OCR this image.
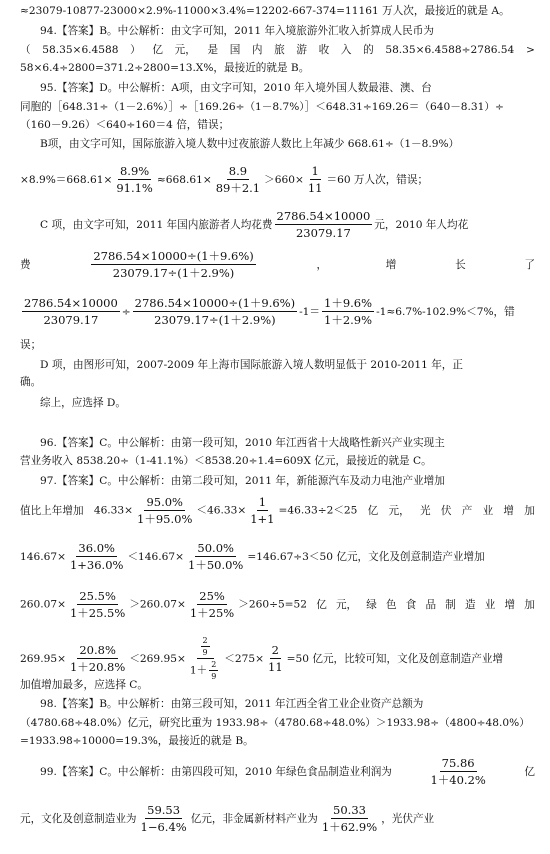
≈23079-10877-23000×2.9%-11000×3.4%=12202-667-374=11161 万人次，最接近的就是 A。
94.【答案】B。中公解析：由文字可知，2011 年入境旅游外汇收入折算成人民币为
（ 58.35×6.4588 ） 亿 元， 是 国 内 旅 游 收 入 的 58.35×6.4588÷2786.54 >
58×6.4÷2800=371.2÷2800=13.X%，最接近的就是 B。
95.【答案】D。中公解析：A项，由文字可知，2010 年入境外国人数最港、澳、台
同胞的［648.31÷（1－2.6%）］÷［169.26÷（1－8.7%）］＜648.31÷169.26＝（640－8.31）÷
（160－9.26）＜640÷160＝4 倍，错误；
B项，由文字可知，国际旅游入境人数中过夜旅游人数比上年减少 668.61÷（1－8.9%）
$\times 8.9\%=668.61\times \frac{8.9\%}{91.1\%} \approx 668.61\times \frac{8.9}{89+2.1} >660\times \frac{1}{11} =60$ 万人次，错误；
C 项，由文字可知，2011 年国内旅游者人均花费 $\frac{2786.54\times 10000}{23079.17}$ 元，2010 年人均花
费	$\frac{2786.54\times 10000\div(1+9.6\%)}{23079.17\div(1+2.9\%)}$	，	增	长	了
$\frac{2786.54\times 10000}{23079.17} \div \frac{2786.54\times 10000\div(1+9.6\%)}{23079.17\div(1+2.9\%)} -1= \frac{1+9.6\%}{1+2.9\%} -1\approx 6.7\%-102.9\%<7\%$ ，错
误；
D 项，由图形可知，2007-2009 年上海市国际旅游入境人数明显低于 2010-2011 年，正
确。
综上，应选择 D。
96.【答案】C。中公解析：由第一段可知，2010 年江西省十大战略性新兴产业实现主
营业务收入 8538.20÷（1-41.1%）＜8538.20÷1.4=609X 亿元，最接近的就是 C。
97.【答案】C。中公解析：由第二段可知，2011 年，新能源汽车及动力电池产业增加
值比上年增加 $46.33\times \frac{95.0\%}{1+95.0\%} <46.33\times \frac{1}{1+1} =46.33\div 2<25$ 亿 元， 光 伏 产 业 增 加
$146.67\times \frac{36.0\%}{1+36.0\%} <146.67\times \frac{50.0\%}{1+50.0\%} =146.67\div 3<50$ 亿元，文化及创意制造产业增加
$260.07\times \frac{25.5\%}{1+25.5\%} >260.07\times \frac{25\%}{1+25\%} >260\div 5=52$ 亿 元， 绿 色 食 品 制 造 业 增 加
$269.95\times \frac{20.8\%}{1+20.8\%} <269.95\times \frac{\frac{2}{9}}{1+ \frac{2}{9}} <275\times \frac{2}{11} =50$ 亿元，比较可知，文化及创意制造产业增
加值增加最多，应选择 C。
98.【答案】B。中公解析：由第三段可知，2011 年江西全省工业企业资产总额为
（4780.68÷48.0%）亿元，研究比重为 1933.98÷（4780.68÷48.0%）＞1933.98÷（4800÷48.0%）
=1933.98÷10000=19.3%，最接近的就是 B。
99.【答案】C。中公解析：由第四段可知，2010 年绿色食品制造业利润为	$\frac{75.86}{1+40.2\%}$	亿
元，文化及创意制造业为 $\frac{59.53}{1-6.4\%}$ 亿元，非金属新材料产业为 $\frac{50.33}{1+62.9\%}$ ，光伏产业
